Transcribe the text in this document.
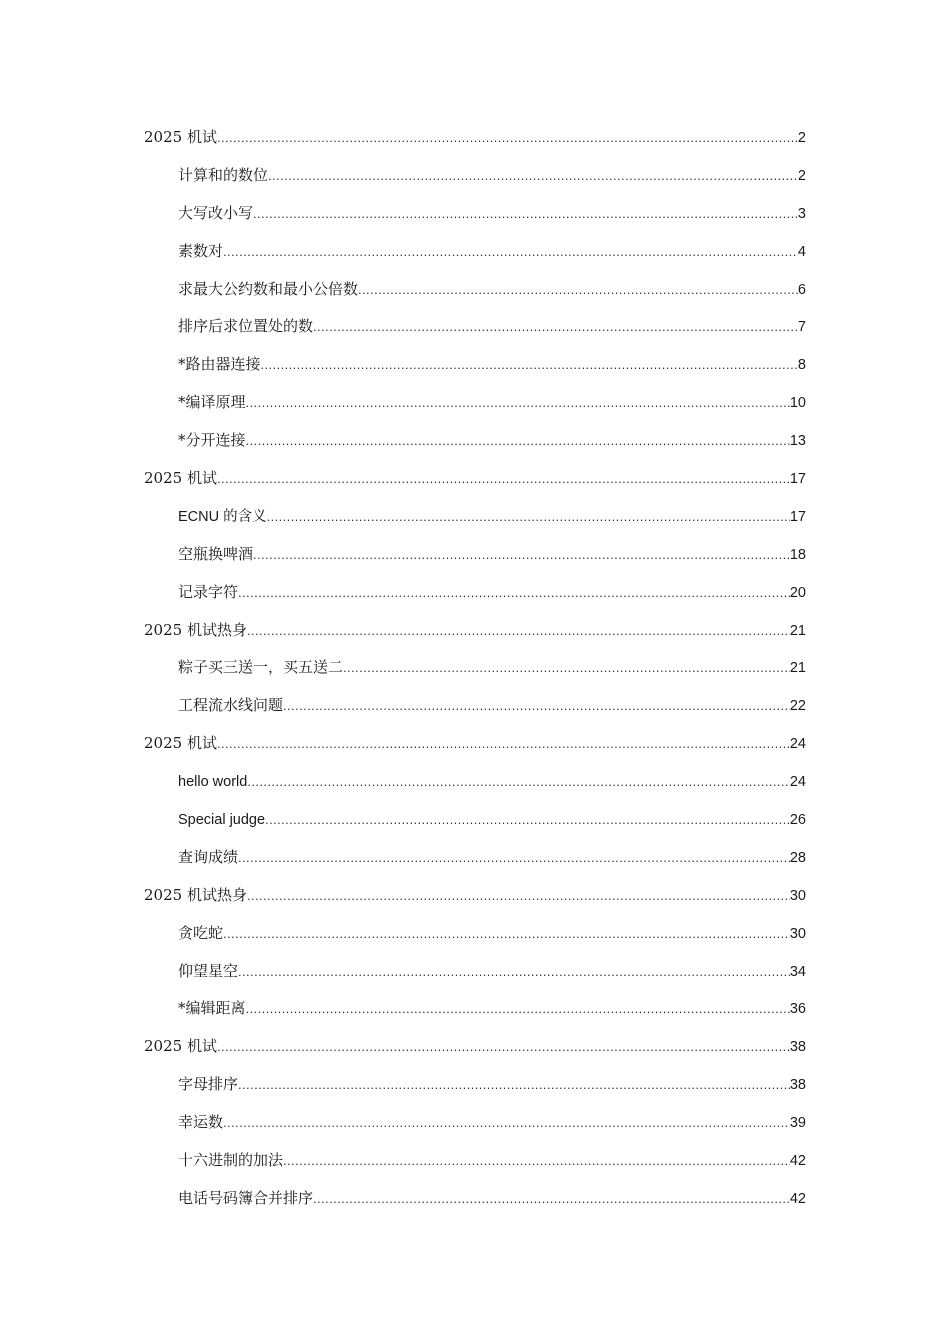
2025 机试 .....	2
计算和的数位 .....	2
大写改小写 .....	3
素数对 .....	4
求最大公约数和最小公倍数 .....	6
排序后求位置处的数 .....	7
*路由器连接 .....	8
*编译原理 .....	10
*分开连接 .....	13
2025 机试 .....	17
ECNU 的含义 .....	17
空瓶换啤酒 .....	18
记录字符 .....	20
2025 机试热身 .....	21
粽子买三送一，买五送二 .....	21
工程流水线问题 .....	22
2025 机试 .....	24
hello world .....	24
Special judge .....	26
查询成绩 .....	28
2025 机试热身 .....	30
贪吃蛇 .....	30
仰望星空 .....	34
*编辑距离 .....	36
2025 机试 .....	38
字母排序 .....	38
幸运数 .....	39
十六进制的加法 .....	42
电话号码簿合并排序 .....	42
